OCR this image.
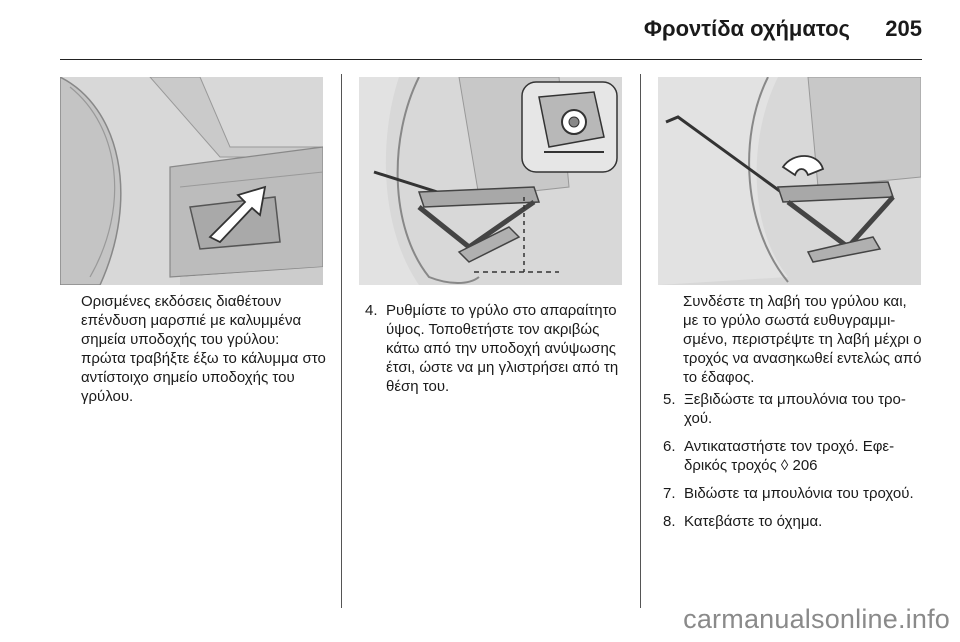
Φροντίδα οχήματος	205

Ορισμένες εκδόσεις διαθέτουν επένδυση μαρσπιέ με καλυμμένα σημεία υποδοχής του γρύλου: πρώτα τραβήξτε έξω το κάλυμμα στο αντίστοιχο σημείο υποδοχής του γρύλου.

4. Ρυθμίστε το γρύλο στο απαραίτητο ύψος. Τοποθετήστε τον ακριβώς κάτω από την υποδοχή ανύψωσης έτσι, ώστε να μη γλιστρήσει από τη θέση του.

Συνδέστε τη λαβή του γρύλου και, με το γρύλο σωστά ευθυγραμμισμένο, περιστρέψτε τη λαβή μέχρι ο τροχός να ανασηκωθεί εντελώς από το έδαφος.

5. Ξεβιδώστε τα μπουλόνια του τροχού.
6. Αντικαταστήστε τον τροχό. Εφεδρικός τροχός ◊ 206
7. Βιδώστε τα μπουλόνια του τροχού.
8. Κατεβάστε το όχημα.
carmanualsonline.info
